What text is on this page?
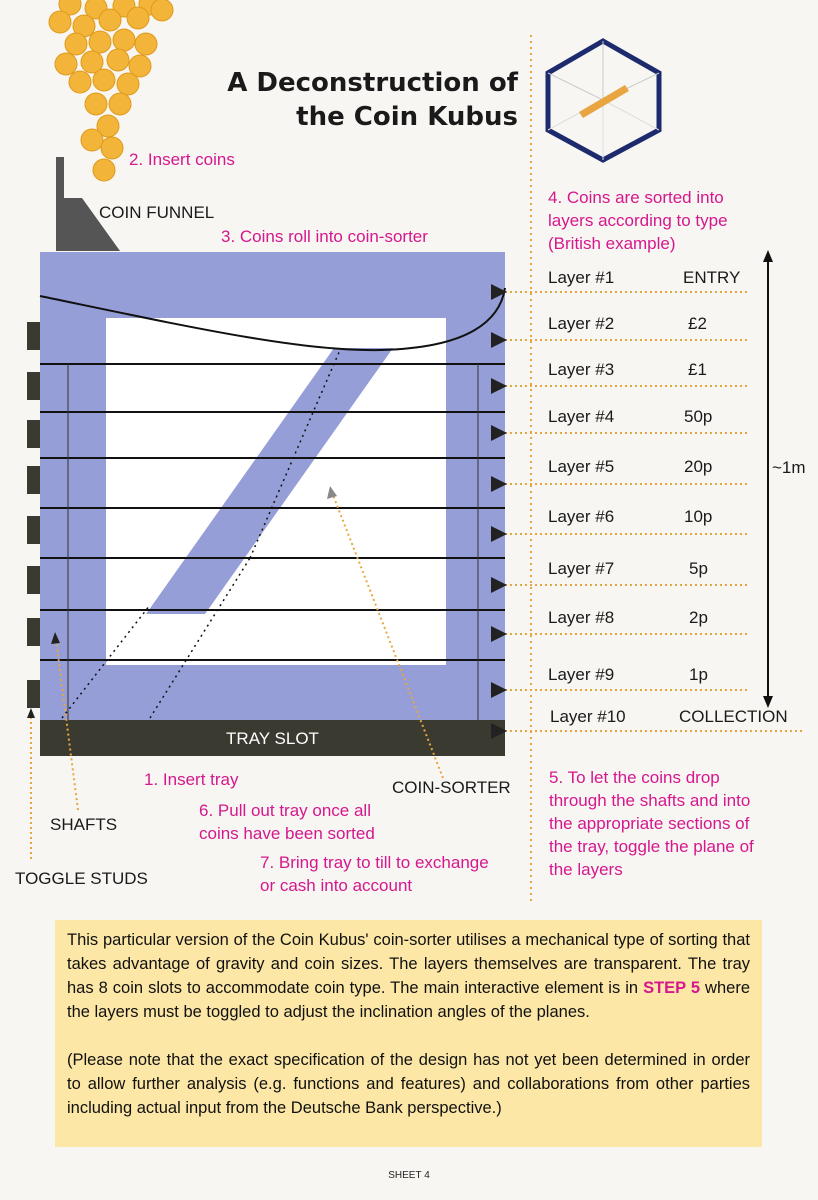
A Deconstruction of
the Coin Kubus
2. Insert coins
COIN FUNNEL
3. Coins roll into coin-sorter
4. Coins are sorted into
layers according to type
(British example)
Layer #1	ENTRY
Layer #2	£2
Layer #3	£1
Layer #4	50p
Layer #5	20p
Layer #6	10p
Layer #7	5p
Layer #8	2p
Layer #9	1p
Layer #10	COLLECTION
~1m
TRAY SLOT
1. Insert tray	COIN-SORTER
6. Pull out tray once all
coins have been sorted
SHAFTS
7. Bring tray to till to exchange
or cash into account
TOGGLE STUDS
5. To let the coins drop
through the shafts and into
the appropriate sections of
the tray, toggle the plane of
the layers

This particular version of the Coin Kubus' coin-sorter utilises a mechanical type of sorting that takes advantage of gravity and coin sizes. The layers themselves are transparent. The tray has 8 coin slots to accommodate coin type. The main interactive element is in STEP 5 where the layers must be toggled to adjust the inclination angles of the planes.

(Please note that the exact specification of the design has not yet been determined in order to allow further analysis (e.g. functions and features) and collaborations from other parties including actual input from the Deutsche Bank perspective.)

SHEET 4
